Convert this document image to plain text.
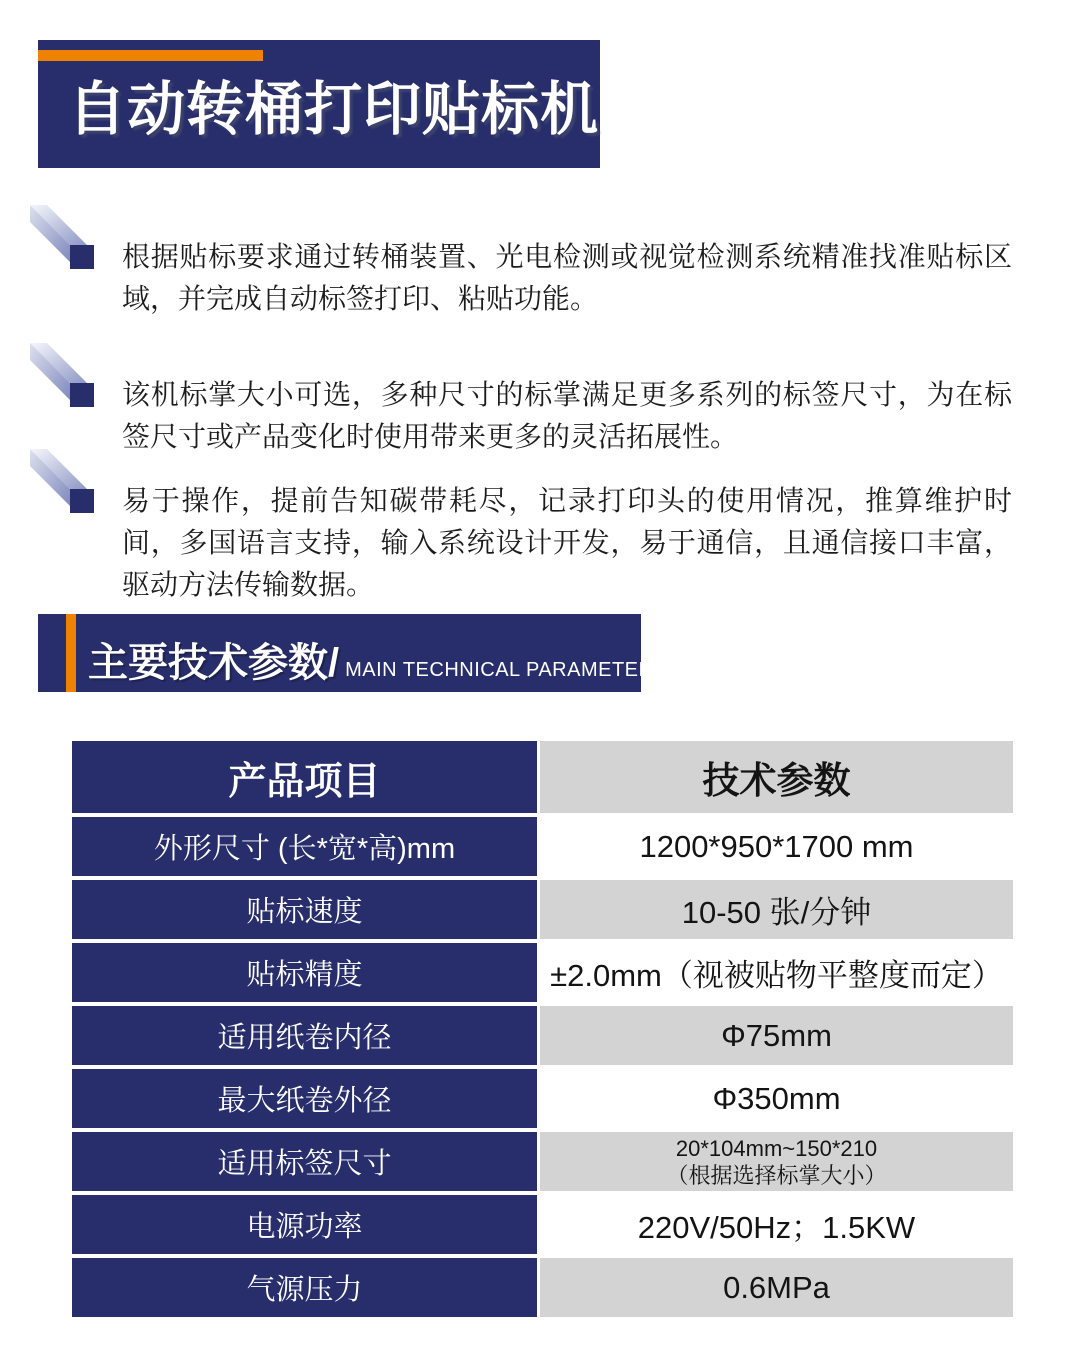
自动转桶打印贴标机
根据贴标要求通过转桶装置、光电检测或视觉检测系统精准找准贴标区域，并完成自动标签打印、粘贴功能。
该机标掌大小可选，多种尺寸的标掌满足更多系列的标签尺寸，为在标签尺寸或产品变化时使用带来更多的灵活拓展性。
易于操作，提前告知碳带耗尽，记录打印头的使用情况，推算维护时间，多国语言支持，输入系统设计开发，易于通信，且通信接口丰富，驱动方法传输数据。
主要技术参数/ MAIN TECHNICAL PARAMETERS
产品项目	技术参数
外形尺寸 (长*宽*高)mm	1200*950*1700 mm
贴标速度	10-50 张/分钟
贴标精度	±2.0mm（视被贴物平整度而定）
适用纸卷内径	Φ75mm
最大纸卷外径	Φ350mm
适用标签尺寸	20*104mm~150*210
（根据选择标掌大小）
电源功率	220V/50Hz；1.5KW
气源压力	0.6MPa
